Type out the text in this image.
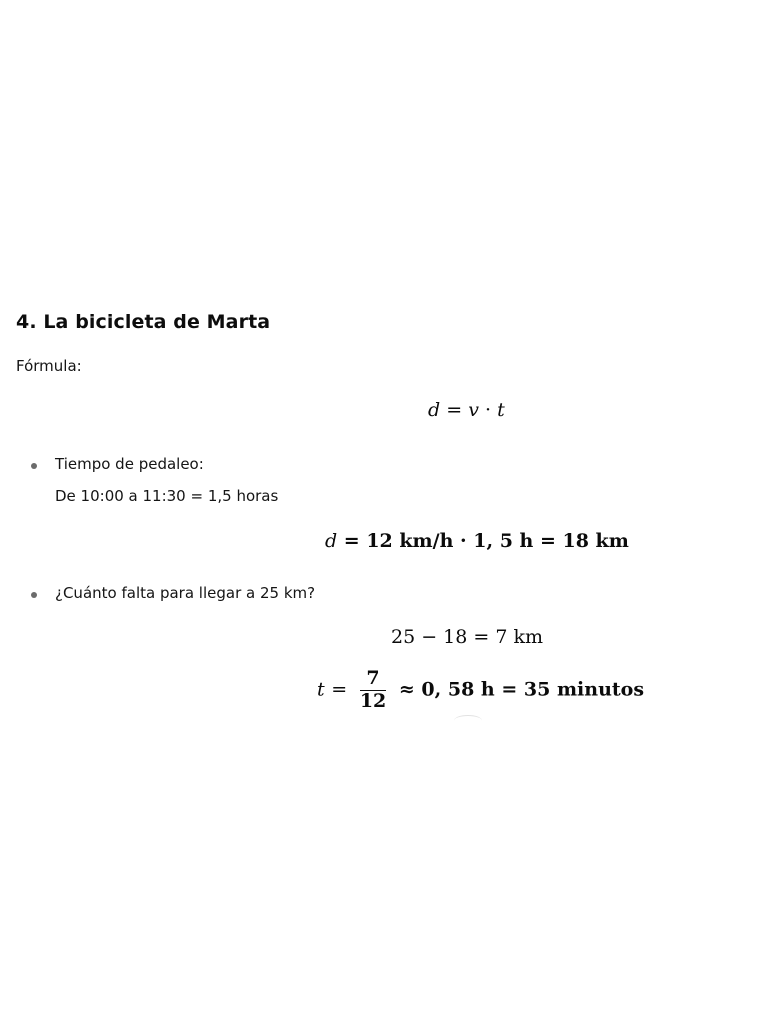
4. La bicicleta de Marta
Fórmula:
d = v · t
Tiempo de pedaleo:
De 10:00 a 11:30 = 1,5 horas
d = 12 km/h · 1, 5 h = 18 km
¿Cuánto falta para llegar a 25 km?
25 − 18 = 7 km
$t = \frac{7}{12} \approx 0$, 58 h = 35 minutos
